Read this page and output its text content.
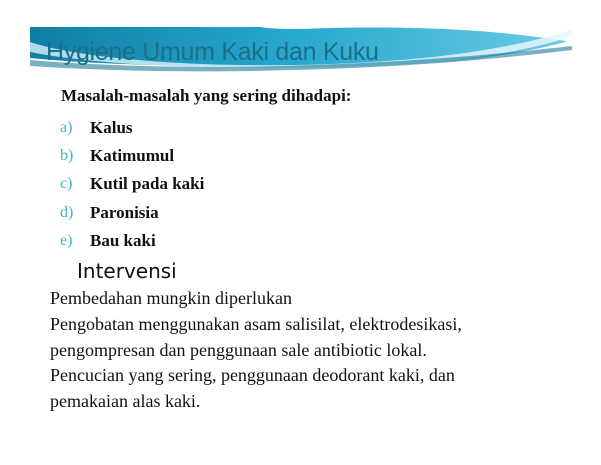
Hygiene Umum Kaki dan Kuku
Masalah-masalah yang sering dihadapi:
a)	Kalus
b) Katimumul
c)	Kutil pada kaki
d) Paronisia
e)	Bau kaki
Intervensi
Pembedahan mungkin diperlukan
Pengobatan menggunakan asam salisilat, elektrodesikasi,
pengompresan dan penggunaan sale antibiotic lokal.
Pencucian yang sering, penggunaan deodorant kaki, dan
pemakaian alas kaki.
